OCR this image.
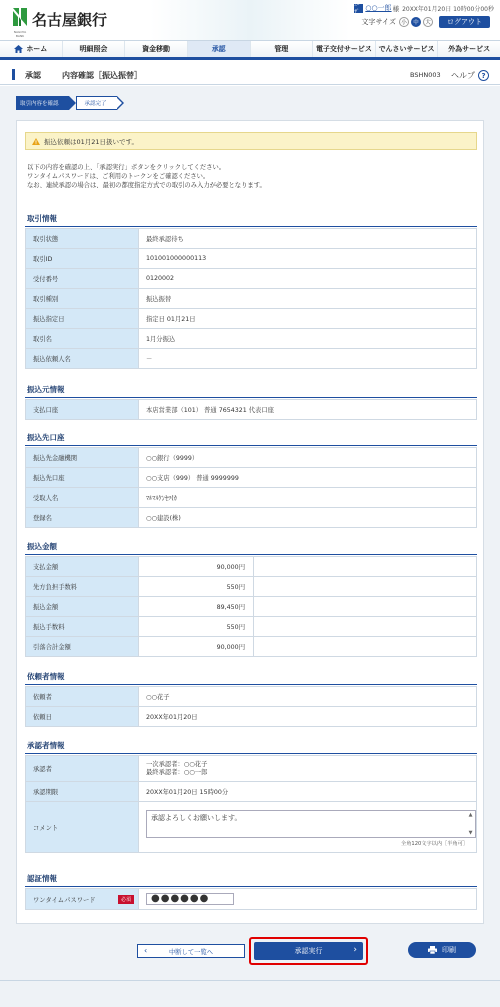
名古屋銀行
NAGOYA BANK
ﾕｰｻﾞ ○○一郎 様 20XX年01月20日 10時00分00秒
文字サイズ 小	中	大	ログアウト
ホーム	明細照会	資金移動	承認	管理	電子交付サービス でんさいサービス	外為サービス
承認	内容確認［振込振替］	BSHN003 ヘルプ ?
取引内容を確認	承認完了
振込依頼は01月21日扱いです。
以下の内容を確認の上、「承認実行」ボタンをクリックしてください。
ワンタイムパスワードは、ご利用のトークンをご確認ください。
なお、連続承認の場合は、最初の都度指定方式での取引のみ入力が必要となります。
取引情報
取引状態	最終承認待ち
取引ID	101001000000113
受付番号	0120002
取引種別	振込振替
振込指定日	指定日 01月21日
取引名	1月分振込
振込依頼人名	－
振込元情報
支払口座	本店営業部（101） 普通 7654321 代表口座
振込先口座
振込先金融機関	○○銀行（9999）
振込先口座	○○支店（999） 普通 9999999
受取人名	ﾏﾙﾏﾙｹﾝｾﾂ(ｶ
登録名	○○建設(株)
振込金額
支払金額	90,000円	
先方負担手数料	550円	
振込金額	89,450円	
振込手数料	550円	
引落合計金額	90,000円	
依頼者情報
依頼者	○○花子
依頼日	20XX年01月20日
承認者情報
承認者	一次承認者：○○花子
最終承認者：○○一郎

承認期限	20XX年01月20日 15時00分
コメント	承認よろしくお願いします。 ▲
▼
全角120文字以内［半角可］
認証情報
ワンタイムパスワード	必須	●●●●●●
‹	中断して一覧へ	承認実行	›	印刷
